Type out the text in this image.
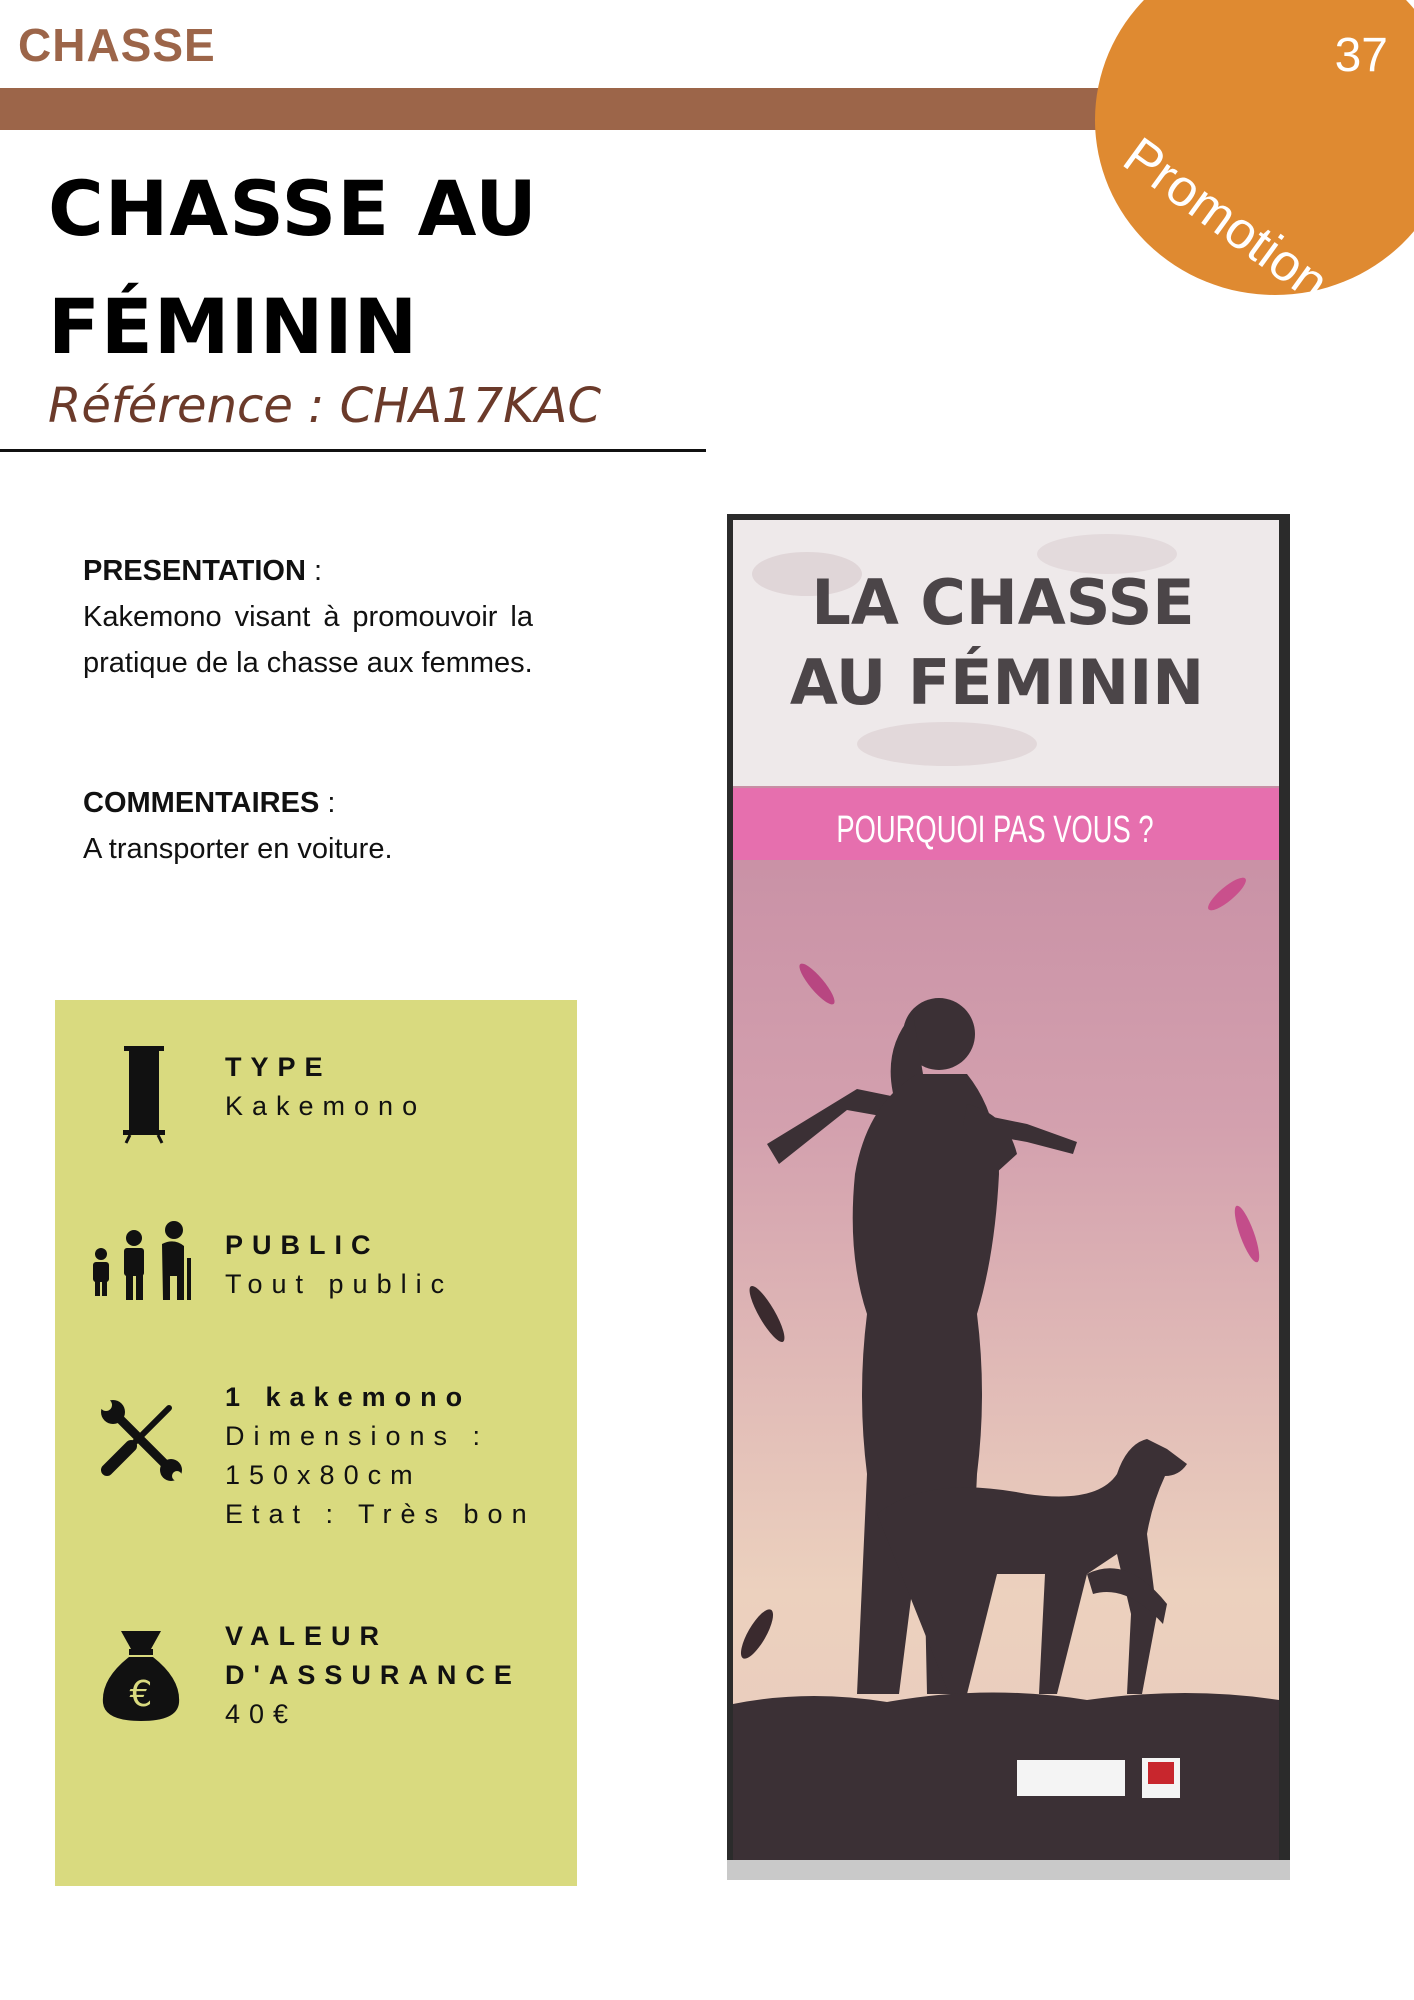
CHASSE
Promotion
37
CHASSE AU
FÉMININ
Référence : CHA17KAC
PRESENTATION :
Kakemono visant à promouvoir la pratique de la chasse aux femmes.
COMMENTAIRES :
A transporter en voiture.
TYPE
Kakemono
PUBLIC
Tout public
1 kakemono
Dimensions :
150x80cm
Etat : Très bon
€
VALEUR
D'ASSURANCE
40€
LA CHASSE
AU FÉMININ
POURQUOI PAS VOUS ?
